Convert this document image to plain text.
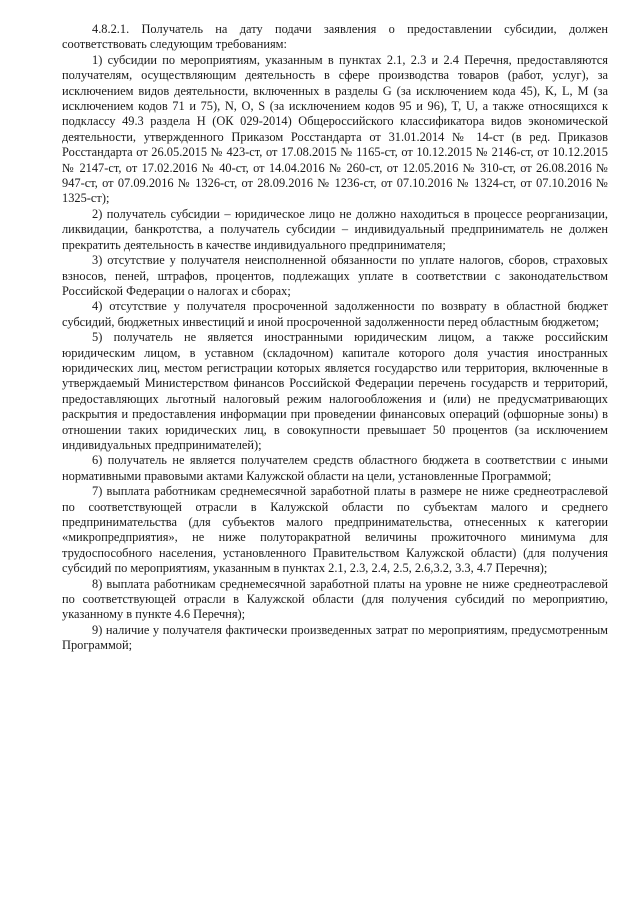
4.8.2.1. Получатель на дату подачи заявления о предоставлении субсидии, должен соответствовать следующим требованиям:

1) субсидии по мероприятиям, указанным в пунктах 2.1, 2.3 и 2.4 Перечня, предоставляются получателям, осуществляющим деятельность в сфере производства товаров (работ, услуг), за исключением видов деятельности, включенных в разделы G (за исключением кода 45), K, L, M (за исключением кодов 71 и 75), N, O, S (за исключением кодов 95 и 96), T, U, а также относящихся к подклассу 49.3 раздела H (ОК 029-2014) Общероссийского классификатора видов экономической деятельности, утвержденного Приказом Росстандарта от 31.01.2014 № 14-ст (в ред. Приказов Росстандарта от 26.05.2015 № 423-ст, от 17.08.2015 № 1165-ст, от 10.12.2015 № 2146-ст, от 10.12.2015 № 2147-ст, от 17.02.2016 № 40-ст, от 14.04.2016 № 260-ст, от 12.05.2016 № 310-ст, от 26.08.2016 № 947-ст, от 07.09.2016 № 1326-ст, от 28.09.2016 № 1236-ст, от 07.10.2016 № 1324-ст, от 07.10.2016 № 1325-ст);

2) получатель субсидии – юридическое лицо не должно находиться в процессе реорганизации, ликвидации, банкротства, а получатель субсидии – индивидуальный предприниматель не должен прекратить деятельность в качестве индивидуального предпринимателя;

3) отсутствие у получателя неисполненной обязанности по уплате налогов, сборов, страховых взносов, пеней, штрафов, процентов, подлежащих уплате в соответствии с законодательством Российской Федерации о налогах и сборах;

4) отсутствие у получателя просроченной задолженности по возврату в областной бюджет субсидий, бюджетных инвестиций и иной просроченной задолженности перед областным бюджетом;

5) получатель не является иностранными юридическим лицом, а также российским юридическим лицом, в уставном (складочном) капитале которого доля участия иностранных юридических лиц, местом регистрации которых является государство или территория, включенные в утверждаемый Министерством финансов Российской Федерации перечень государств и территорий, предоставляющих льготный налоговый режим налогообложения и (или) не предусматривающих раскрытия и предоставления информации при проведении финансовых операций (офшорные зоны) в отношении таких юридических лиц, в совокупности превышает 50 процентов (за исключением индивидуальных предпринимателей);

6) получатель не является получателем средств областного бюджета в соответствии с иными нормативными правовыми актами Калужской области на цели, установленные Программой;

7) выплата работникам среднемесячной заработной платы в размере не ниже среднеотраслевой по соответствующей отрасли в Калужской области по субъектам малого и среднего предпринимательства (для субъектов малого предпринимательства, отнесенных к категории «микропредприятия», не ниже полуторакратной величины прожиточного минимума для трудоспособного населения, установленного Правительством Калужской области) (для получения субсидий по мероприятиям, указанным в пунктах 2.1, 2.3, 2.4, 2.5, 2.6,3.2, 3.3, 4.7 Перечня);

8) выплата работникам среднемесячной заработной платы на уровне не ниже среднеотраслевой по соответствующей отрасли в Калужской области (для получения субсидий по мероприятию, указанному в пункте 4.6 Перечня);

9) наличие у получателя фактически произведенных затрат по мероприятиям, предусмотренным Программой;
